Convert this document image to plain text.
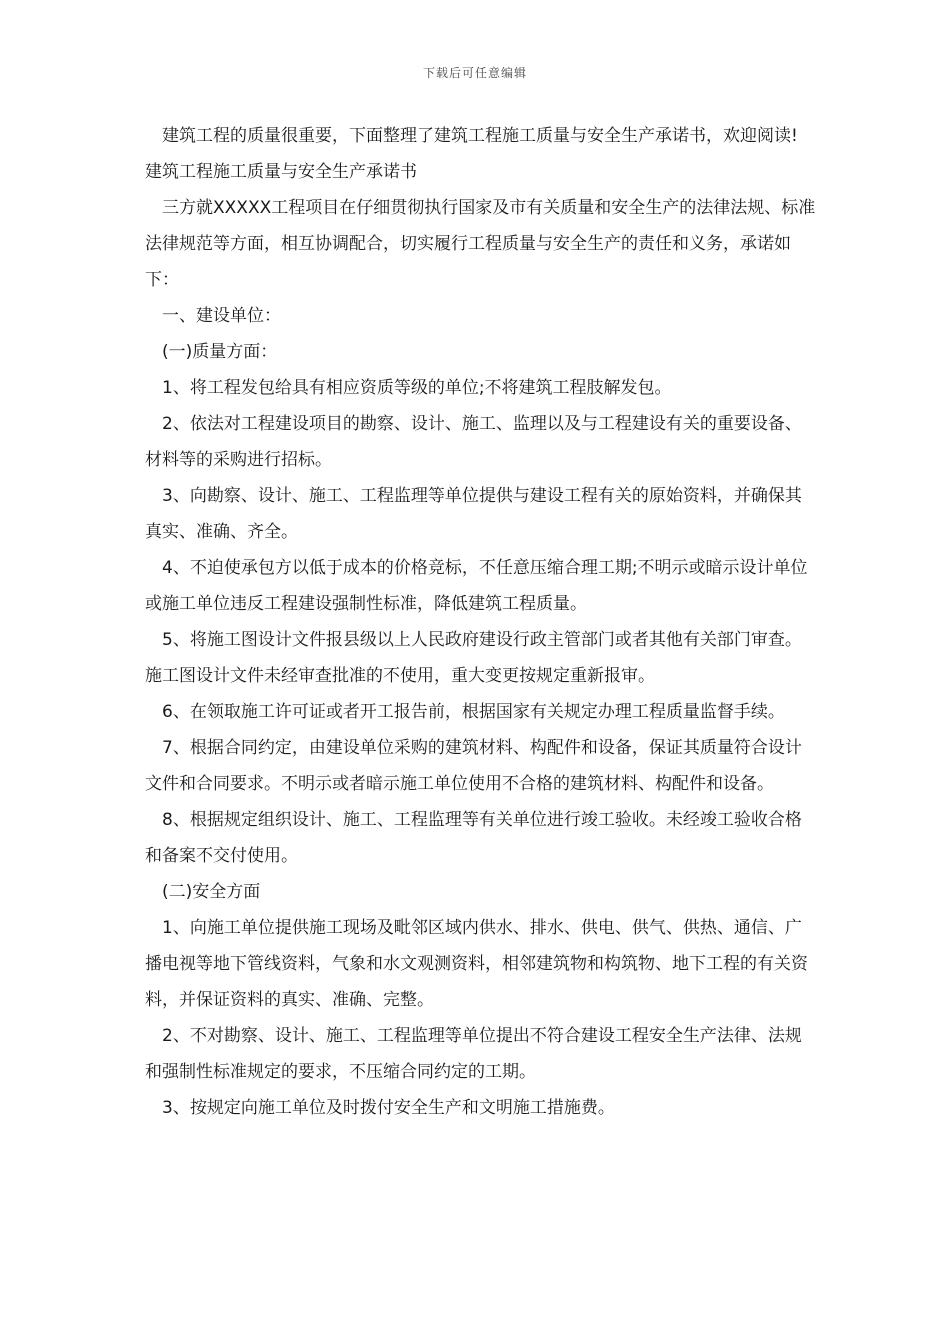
下载后可任意编辑

建筑工程的质量很重要，下面整理了建筑工程施工质量与安全生产承诺书，欢迎阅读! 建筑工程施工质量与安全生产承诺书

三方就XXXXX工程项目在仔细贯彻执行国家及市有关质量和安全生产的法律法规、标准法律规范等方面，相互协调配合，切实履行工程质量与安全生产的责任和义务，承诺如下：

一、建设单位：

(一)质量方面：

1、将工程发包给具有相应资质等级的单位;不将建筑工程肢解发包。

2、依法对工程建设项目的勘察、设计、施工、监理以及与工程建设有关的重要设备、材料等的采购进行招标。

3、向勘察、设计、施工、工程监理等单位提供与建设工程有关的原始资料，并确保其真实、准确、齐全。

4、不迫使承包方以低于成本的价格竞标，不任意压缩合理工期;不明示或暗示设计单位或施工单位违反工程建设强制性标准，降低建筑工程质量。

5、将施工图设计文件报县级以上人民政府建设行政主管部门或者其他有关部门审查。施工图设计文件未经审查批准的不使用，重大变更按规定重新报审。

6、在领取施工许可证或者开工报告前，根据国家有关规定办理工程质量监督手续。

7、根据合同约定，由建设单位采购的建筑材料、构配件和设备，保证其质量符合设计文件和合同要求。不明示或者暗示施工单位使用不合格的建筑材料、构配件和设备。

8、根据规定组织设计、施工、工程监理等有关单位进行竣工验收。未经竣工验收合格和备案不交付使用。

(二)安全方面

1、向施工单位提供施工现场及毗邻区域内供水、排水、供电、供气、供热、通信、广播电视等地下管线资料，气象和水文观测资料，相邻建筑物和构筑物、地下工程的有关资料，并保证资料的真实、准确、完整。

2、不对勘察、设计、施工、工程监理等单位提出不符合建设工程安全生产法律、法规和强制性标准规定的要求，不压缩合同约定的工期。

3、按规定向施工单位及时拨付安全生产和文明施工措施费。
